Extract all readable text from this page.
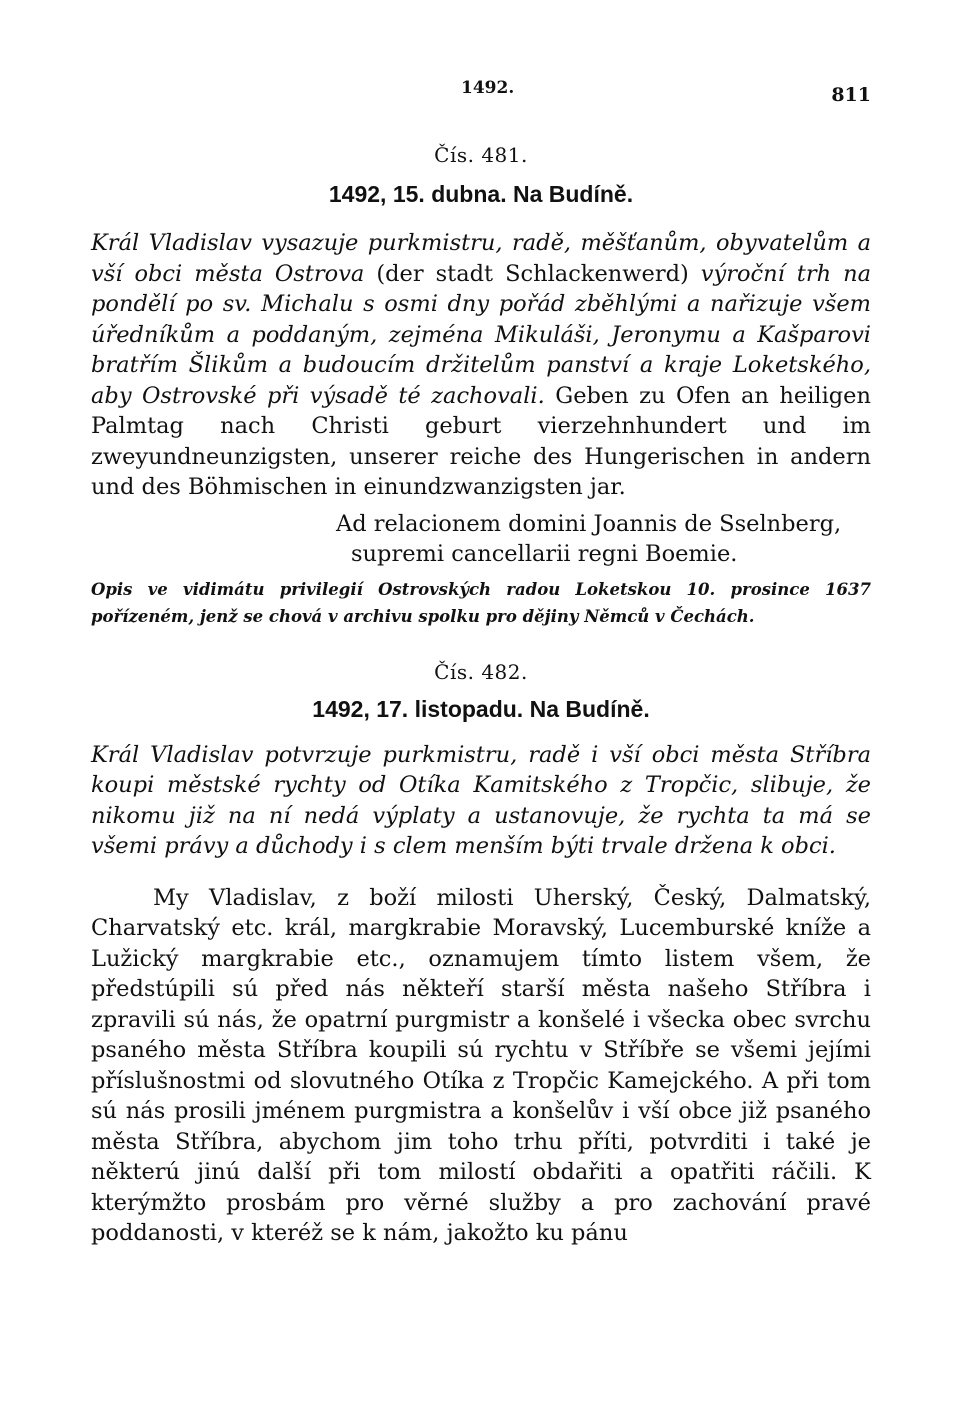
1492.	811
Čís. 481.
1492, 15. dubna. Na Budíně.

Král Vladislav vysazuje purkmistru, radě, měšťanům, obyvatelům a vší obci města Ostrova (der stadt Schlackenwerd) výroční trh na pondělí po sv. Michalu s osmi dny pořád zběhlými a nařizuje všem úředníkům a poddaným, zejména Mikuláši, Jeronymu a Kašparovi bratřím Šlikům a budoucím držitelům panství a kraje Loketského, aby Ostrovské při výsadě té zachovali. Geben zu Ofen an heiligen Palmtag nach Christi geburt vierzehnhundert und im zweyundneunzigsten, unserer reiche des Hungerischen in andern und des Böhmischen in einundzwanzigsten jar.

Ad relacionem domini Joannis de Sselnberg,
supremi cancellarii regni Boemie.

Opis ve vidimátu privilegií Ostrovských radou Loketskou 10. prosince 1637 pořízeném, jenž se chová v archivu spolku pro dějiny Němců v Čechách.

Čís. 482.
1492, 17. listopadu. Na Budíně.

Král Vladislav potvrzuje purkmistru, radě i vší obci města Stříbra koupi městské rychty od Otíka Kamitského z Tropčic, slibuje, že nikomu již na ní nedá výplaty a ustanovuje, že rychta ta má se všemi právy a důchody i s clem menším býti trvale držena k obci.

My Vladislav, z boží milosti Uherský, Český, Dalmatský, Charvatský etc. král, margkrabie Moravský, Lucemburské kníže a Lužický margkrabie etc., oznamujem tímto listem všem, že předstúpili sú před nás někteří starší města našeho Stříbra i zpravili sú nás, že opatrní purgmistr a konšelé i všecka obec svrchu psaného města Stříbra koupili sú rychtu v Stříbře se všemi jejími příslušnostmi od slovutného Otíka z Tropčic Kamejckého. A při tom sú nás prosili jménem purgmistra a konšelův i vší obce již psaného města Stříbra, abychom jim toho trhu příti, potvrditi i také je některú jinú další při tom milostí obdařiti a opatřiti ráčili. K kterýmžto prosbám pro věrné služby a pro zachování pravé poddanosti, v kteréž se k nám, jakožto ku pánu
